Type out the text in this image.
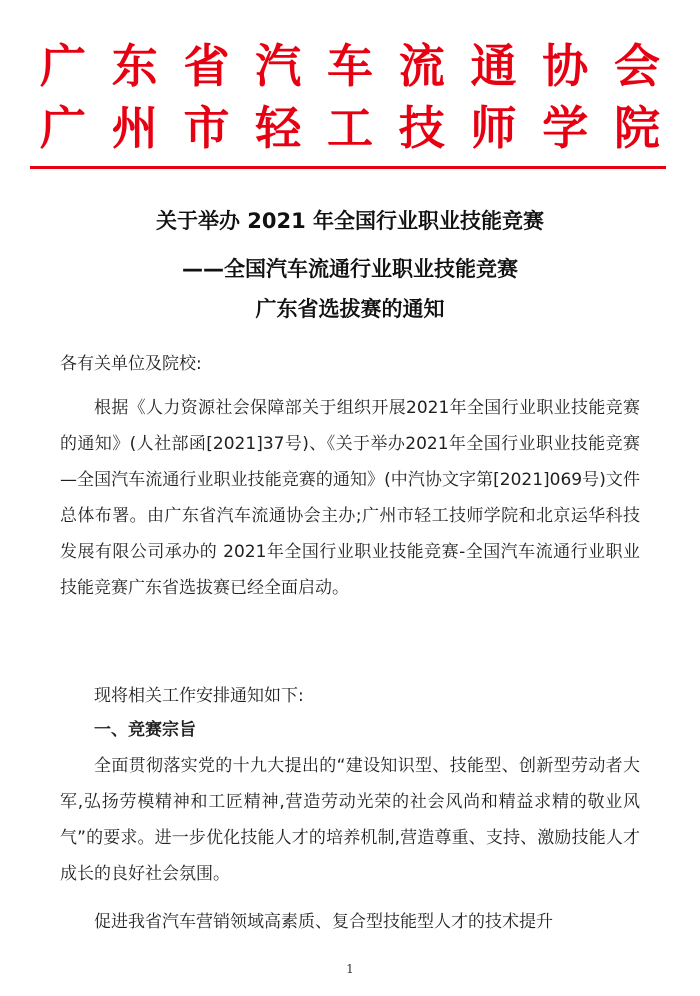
广东省汽车流通协会
广州市轻工技师学院
关于举办 2021 年全国行业职业技能竞赛
——全国汽车流通行业职业技能竞赛
广东省选拔赛的通知
各有关单位及院校:
根据《人力资源社会保障部关于组织开展2021年全国行业职业技能竞赛的通知》(人社部函[2021]37号)、《关于举办2021年全国行业职业技能竞赛—全国汽车流通行业职业技能竞赛的通知》(中汽协文字第[2021]069号)文件总体布署。由广东省汽车流通协会主办;广州市轻工技师学院和北京运华科技发展有限公司承办的 2021年全国行业职业技能竞赛-全国汽车流通行业职业技能竞赛广东省选拔赛已经全面启动。
现将相关工作安排通知如下:
一、竞赛宗旨
全面贯彻落实党的十九大提出的“建设知识型、技能型、创新型劳动者大军,弘扬劳模精神和工匠精神,营造劳动光荣的社会风尚和精益求精的敬业风气”的要求。进一步优化技能人才的培养机制,营造尊重、支持、激励技能人才成长的良好社会氛围。
促进我省汽车营销领域高素质、复合型技能型人才的技术提升
1
